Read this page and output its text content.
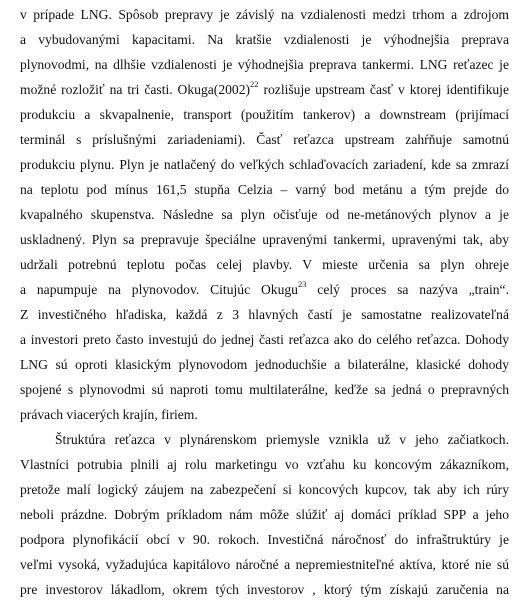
v prípade LNG. Spôsob prepravy je závislý na vzdialenosti medzi trhom a zdrojom
a vybudovanými kapacitami. Na kratšie vzdialenosti je výhodnejšia preprava
plynovodmi, na dlhšie vzdialenosti je výhodnejšia preprava tankermi. LNG reťazec je
možné rozložiť na tri časti. $Okuga(2002)^{22}$ rozlišuje upstream časť v ktorej identifikuje
produkciu a skvapalnenie, transport (použitím tankerov) a downstream (prijímací
terminál s príslušnými zariadeniami). Časť reťazca upstream zahŕňuje samotnú
produkciu plynu. Plyn je natlačený do veľkých schlaďovacích zariadení, kde sa zmrazí
na teplotu pod mínus 161,5 stupňa Celzia – varný bod metánu a tým prejde do
kvapalného skupenstva. Následne sa plyn očisťuje od ne-metánových plynov a je
uskladnený. Plyn sa prepravuje špeciálne upravenými tankermi, upravenými tak, aby
udržali potrebnú teplotu počas celej plavby. V mieste určenia sa plyn ohreje
a napumpuje na plynovodov. Citujúc Okugu$^{23}$ celý proces sa nazýva „train“.
Z investičného hľadiska, každá z 3 hlavných častí je samostatne realizovateľná
a investori preto často investujú do jednej časti reťazca ako do celého reťazca. Dohody
LNG sú oproti klasickým plynovodom jednoduchšie a bilaterálne, klasické dohody
spojené s plynovodmi sú naproti tomu multilaterálne, keďže sa jedná o prepravných
právach viacerých krajín, firiem.
Štruktúra reťazca v plynárenskom priemysle vznikla už v jeho začiatkoch.
Vlastníci potrubia plnili aj rolu marketingu vo vzťahu ku koncovým zákazníkom,
pretože malí logický záujem na zabezpečení si koncových kupcov, tak aby ich rúry
neboli prázdne. Dobrým príkladom nám môže slúžiť aj domáci príklad SPP a jeho
podpora plynofikácií obcí v 90. rokoch. Investičná náročnosť do infraštruktúry je
veľmi vysoká, vyžadujúca kapitálovo náročné a nepremiestniteľné aktíva, ktoré nie sú
pre investorov lákadlom, okrem tých investorov , ktorý tým získajú zaručenia na
